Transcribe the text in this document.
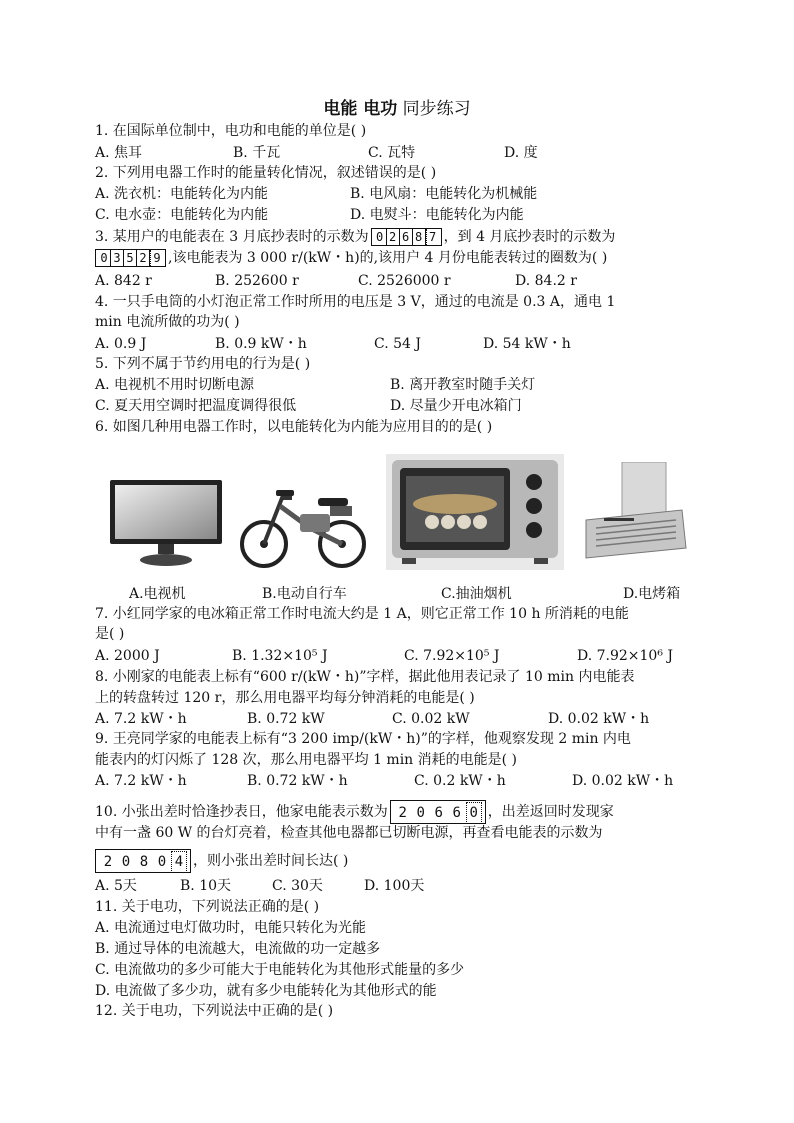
电能 电功 同步练习
1. 在国际单位制中，电功和电能的单位是( )
A. 焦耳	B. 千瓦	C. 瓦特	D. 度
2. 下列用电器工作时的能量转化情况，叙述错误的是( )
A. 洗衣机：电能转化为内能	B. 电风扇：电能转化为机械能
C. 电水壶：电能转化为内能	D. 电熨斗：电能转化为内能
3. 某用户的电能表在 3 月底抄表时的示数为 0 2 6 8 7 ，到 4 月底抄表时的示数为
0 3 5 2 9 ,该电能表为 3 000 r/(kW・h)的,该用户 4 月份电能表转过的圈数为( )
A. 842 r	B. 252600 r	C. 2526000 r	D. 84.2 r
4. 一只手电筒的小灯泡正常工作时所用的电压是 3 V，通过的电流是 0.3 A，通电 1
min 电流所做的功为( )
A. 0.9 J	B. 0.9 kW・h	C. 54 J	D. 54 kW・h
5. 下列不属于节约用电的行为是( )
A. 电视机不用时切断电源	B. 离开教室时随手关灯
C. 夏天用空调时把温度调得很低	D. 尽量少开电冰箱门
6. 如图几种用电器工作时，以电能转化为内能为应用目的的是( )
A.电视机	B.电动自行车	C.抽油烟机	D.电烤箱
7. 小红同学家的电冰箱正常工作时电流大约是 1 A，则它正常工作 10 h 所消耗的电能
是( )
A. 2000 J	B. 1.32×10⁵ J	C. 7.92×10⁵ J	D. 7.92×10⁶ J
8. 小刚家的电能表上标有“600 r/(kW・h)”字样，据此他用表记录了 10 min 内电能表
上的转盘转过 120 r，那么用电器平均每分钟消耗的电能是( )
A. 7.2 kW・h	B. 0.72 kW	C. 0.02 kW	D. 0.02 kW・h
9. 王亮同学家的电能表上标有“3 200 imp/(kW・h)”的字样，他观察发现 2 min 内电
能表内的灯闪烁了 128 次，那么用电器平均 1 min 消耗的电能是( )
A. 7.2 kW・h	B. 0.72 kW・h	C. 0.2 kW・h	D. 0.02 kW・h
10. 小张出差时恰逢抄表日，他家电能表示数为 2 0 6 6 0 ，出差返回时发现家
中有一盏 60 W 的台灯亮着，检查其他电器都已切断电源，再查看电能表的示数为
2 0 8 0 4 ，则小张出差时间长达( )
A. 5天	B. 10天	C. 30天	D. 100天
11. 关于电功，下列说法正确的是( )
A. 电流通过电灯做功时，电能只转化为光能
B. 通过导体的电流越大，电流做的功一定越多
C. 电流做功的多少可能大于电能转化为其他形式能量的多少
D. 电流做了多少功，就有多少电能转化为其他形式的能
12. 关于电功，下列说法中正确的是( )
